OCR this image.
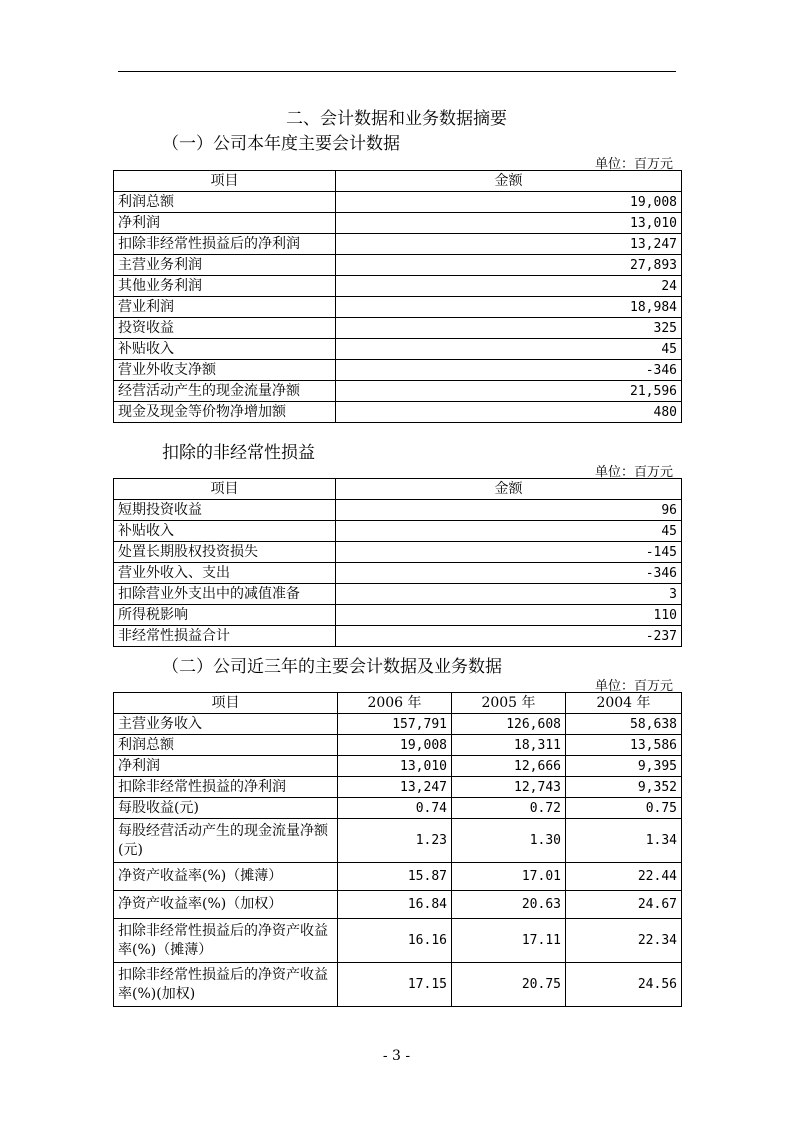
二、会计数据和业务数据摘要
（一）公司本年度主要会计数据
单位：百万元
项目	金额
利润总额	19,008
净利润	13,010
扣除非经常性损益后的净利润	13,247
主营业务利润	27,893
其他业务利润	24
营业利润	18,984
投资收益	325
补贴收入	45
营业外收支净额	-346
经营活动产生的现金流量净额	21,596
现金及现金等价物净增加额	480
扣除的非经常性损益
单位：百万元
项目	金额
短期投资收益	96
补贴收入	45
处置长期股权投资损失	-145
营业外收入、支出	-346
扣除营业外支出中的减值准备	3
所得税影响	110
非经常性损益合计	-237
（二）公司近三年的主要会计数据及业务数据
单位：百万元
项目	2006 年	2005 年	2004 年
主营业务收入	157,791	126,608	58,638
利润总额	19,008	18,311	13,586
净利润	13,010	12,666	9,395
扣除非经常性损益的净利润	13,247	12,743	9,352
每股收益(元)	0.74	0.72	0.75
每股经营活动产生的现金流量净额(元)	1.23	1.30	1.34
净资产收益率(%)（摊薄）	15.87	17.01	22.44
净资产收益率(%)（加权）	16.84	20.63	24.67
扣除非经常性损益后的净资产收益率(%)（摊薄）	16.16	17.11	22.34
扣除非经常性损益后的净资产收益率(%)(加权)	17.15	20.75	24.56
- 3 -
